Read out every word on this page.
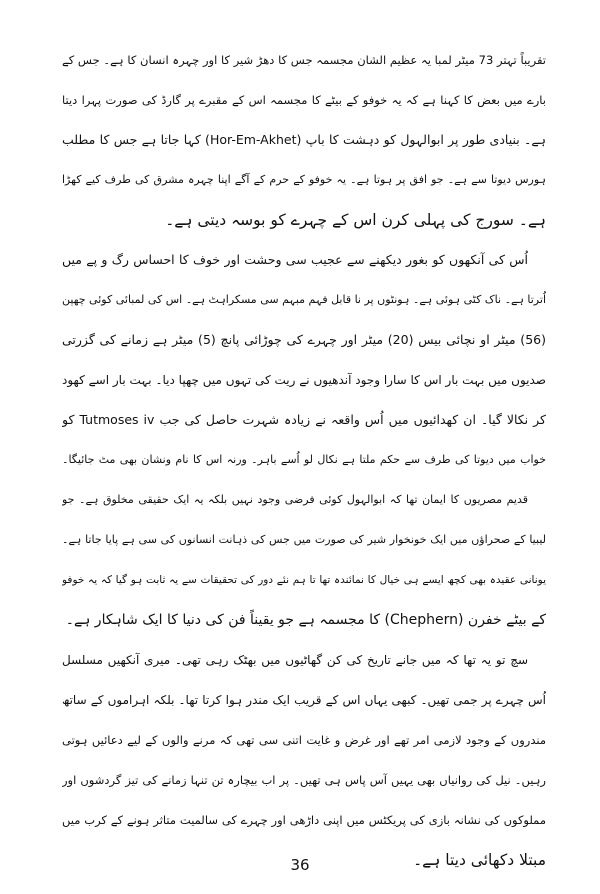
تقریباً تہتر 73 میٹر لمبا یہ عظیم الشان مجسمہ جس کا دھڑ شیر کا اور چہرہ انسان کا ہے۔ جس کے
بارے میں بعض کا کہنا ہے کہ یہ خوفو کے بیٹے کا مجسمہ اس کے مقبرے پر گارڈ کی صورت پہرا دیتا
ہے۔ بنیادی طور پر ابوالہول کو دہشت کا باپ (Hor-Em-Akhet) کہا جاتا ہے جس کا مطلب
ہورس دیوتا سے ہے۔ جو افق پر ہوتا ہے۔ یہ خوفو کے حرم کے آگے اپنا چہرہ مشرق کی طرف کیے کھڑا
ہے۔ سورج کی پہلی کرن اس کے چہرے کو بوسہ دیتی ہے۔
اُس کی آنکھوں کو بغور دیکھنے سے عجیب سی وحشت اور خوف کا احساس رگ و پے میں
اُترتا ہے۔ ناک کٹی ہوئی ہے۔ ہونٹوں پر نا قابل فہم مبہم سی مسکراہٹ ہے۔ اس کی لمبائی کوئی چھپن
(56) میٹر او نچائی بیس (20) میٹر اور چہرے کی چوڑائی پانچ (5) میٹر ہے زمانے کی گزرتی
صدیوں میں بہت بار اس کا سارا وجود آندھیوں نے ریت کی تہوں میں چھپا دیا۔ بہت بار اسے کھود
کر نکالا گیا۔ ان کھدائیوں میں اُس واقعہ نے زیادہ شہرت حاصل کی جب Tutmoses iv کو
خواب میں دیوتا کی طرف سے حکم ملتا ہے نکال لو اُسے باہر۔ ورنہ اس کا نام ونشان بھی مٹ جائیگا۔
قدیم مصریوں کا ایمان تھا کہ ابوالہول کوئی فرضی وجود نہیں بلکہ یہ ایک حقیقی مخلوق ہے۔ جو
لیبیا کے صحراؤں میں ایک خونخوار شیر کی صورت میں جس کی ذہانت انسانوں کی سی ہے پایا جاتا ہے۔
یونانی عقیدہ بھی کچھ ایسے ہی خیال کا نمائندہ تھا تا ہم نئے دور کی تحقیقات سے یہ ثابت ہو گیا کہ یہ خوفو
کے بیٹے خفرن (Chephern) کا مجسمہ ہے جو یقیناً فن کی دنیا کا ایک شاہکار ہے۔
سچ تو یہ تھا کہ میں جانے تاریخ کی کن گھاٹیوں میں بھٹک رہی تھی۔ میری آنکھیں مسلسل
اُس چہرے پر جمی تھیں۔ کبھی یہاں اس کے قریب ایک مندر ہوا کرتا تھا۔ بلکہ اہراموں کے ساتھ
مندروں کے وجود لازمی امر تھے اور غرض و غایت اتنی سی تھی کہ مرنے والوں کے لیے دعائیں ہوتی
رہیں۔ نیل کی روانیاں بھی یہیں آس پاس ہی تھیں۔ پر اب بیچارہ تن تنہا زمانے کی تیز گردشوں اور
مملوکوں کی نشانہ بازی کی پریکٹس میں اپنی داڑھی اور چہرے کی سالمیت متاثر ہونے کے کرب میں
مبتلا دکھائی دیتا ہے۔
36
